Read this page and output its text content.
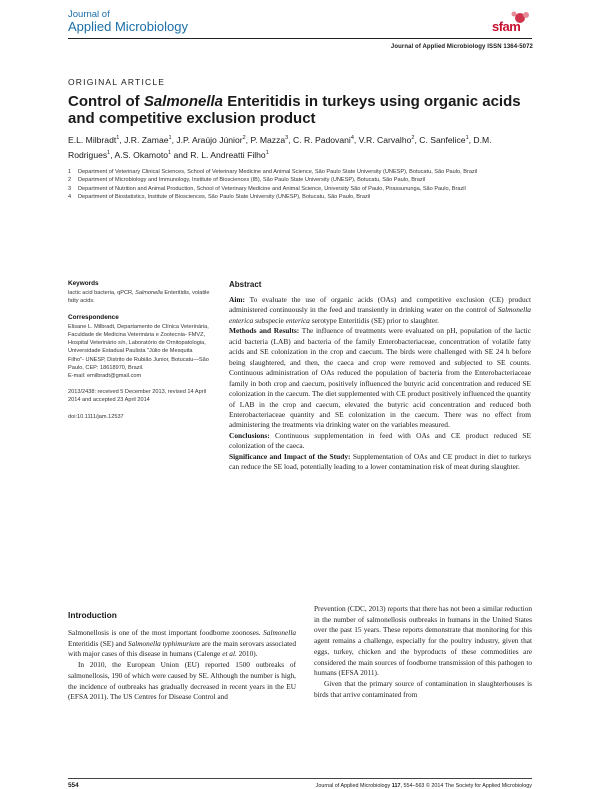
Journal of
Applied Microbiology	sfam
Journal of Applied Microbiology ISSN 1364-5072
ORIGINAL ARTICLE
Control of Salmonella Enteritidis in turkeys using organic acids and competitive exclusion product
E.L. Milbradt$^1$, J.R. Zamae$^1$, J.P. Araújo Júnior$^2$, P. Mazza$^3$, C. R. Padovani$^4$, V.R. Carvalho$^2$, C. Sanfelice$^1$, D.M. Rodrigues$^1$, A.S. Okamoto$^1$ and R. L. Andreatti Filho$^1$
1	Department of Veterinary Clinical Sciences, School of Veterinary Medicine and Animal Science, São Paulo State University (UNESP), Botucatu, São Paulo, Brazil
2	Department of Microbiology and Immunology, Institute of Biosciences (IB), São Paulo State University (UNESP), Botucatu, São Paulo, Brazil
3	Department of Nutrition and Animal Production, School of Veterinary Medicine and Animal Science, University São of Paulo, Pirassununga, São Paulo, Brazil
4	Department of Biostatistics, Institute of Biosciences, São Paulo State University (UNESP), Botucatu, São Paulo, Brazil
Keywords
lactic acid bacteria, qPCR, Salmonella Enteritidis, volatile fatty acids.
Correspondence
Elisane L. Milbradt, Departamento de Clínica Veterinária, Faculdade de Medicina Veterinária e Zootecnia- FMVZ, Hospital Veterinário s/n, Laboratório de Ornitopatologia, Universidade Estadual Paulista "Júlio de Mesquita Filho"- UNESP, Distrito de Rubião Junior, Botucatu—São Paulo, CEP: 18618970, Brazil.
E-mail: emilbradt@gmail.com
2013/2438: received 5 December 2013, revised 14 April 2014 and accepted 23 April 2014
doi:10.1111/jam.12537
Abstract

Aim: To evaluate the use of organic acids (OAs) and competitive exclusion (CE) product administered continuously in the feed and transiently in drinking water on the control of Salmonella enterica subspecie enterica serotype Enteritidis (SE) prior to slaughter.

Methods and Results: The influence of treatments were evaluated on pH, population of the lactic acid bacteria (LAB) and bacteria of the family Enterobacteriaceae, concentration of volatile fatty acids and SE colonization in the crop and caecum. The birds were challenged with SE 24 h before being slaughtered, and then, the caeca and crop were removed and subjected to SE counts. Continuous administration of OAs reduced the population of bacteria from the Enterobacteriaceae family in both crop and caecum, positively influenced the butyric acid concentration and reduced SE colonization in the caecum. The diet supplemented with CE product positively influenced the quantity of LAB in the crop and caecum, elevated the butyric acid concentration and reduced both Enterobacteriaceae quantity and SE colonization in the caecum. There was no effect from administering the treatments via drinking water on the variables measured.

Conclusions: Continuous supplementation in feed with OAs and CE product reduced SE colonization of the caeca.

Significance and Impact of the Study: Supplementation of OAs and CE product in diet to turkeys can reduce the SE load, potentially leading to a lower contamination risk of meat during slaughter.

Introduction

Salmonellosis is one of the most important foodborne zoonoses. Salmonella Enteritidis (SE) and Salmonella typhimurium are the main serovars associated with major cases of this disease in humans (Calenge et al. 2010).

In 2010, the European Union (EU) reported 1500 outbreaks of salmonellosis, 190 of which were caused by SE. Although the number is high, the incidence of outbreaks has gradually decreased in recent years in the EU (EFSA 2011). The US Centres for Disease Control and

Prevention (CDC, 2013) reports that there has not been a similar reduction in the number of salmonellosis outbreaks in humans in the United States over the past 15 years. These reports demonstrate that monitoring for this agent remains a challenge, especially for the poultry industry, given that eggs, turkey, chicken and the byproducts of these commodities are considered the main sources of foodborne transmission of this pathogen to humans (EFSA 2011).

Given that the primary source of contamination in slaughterhouses is birds that arrive contaminated from

554	Journal of Applied Microbiology 117, 554–563 © 2014 The Society for Applied Microbiology
